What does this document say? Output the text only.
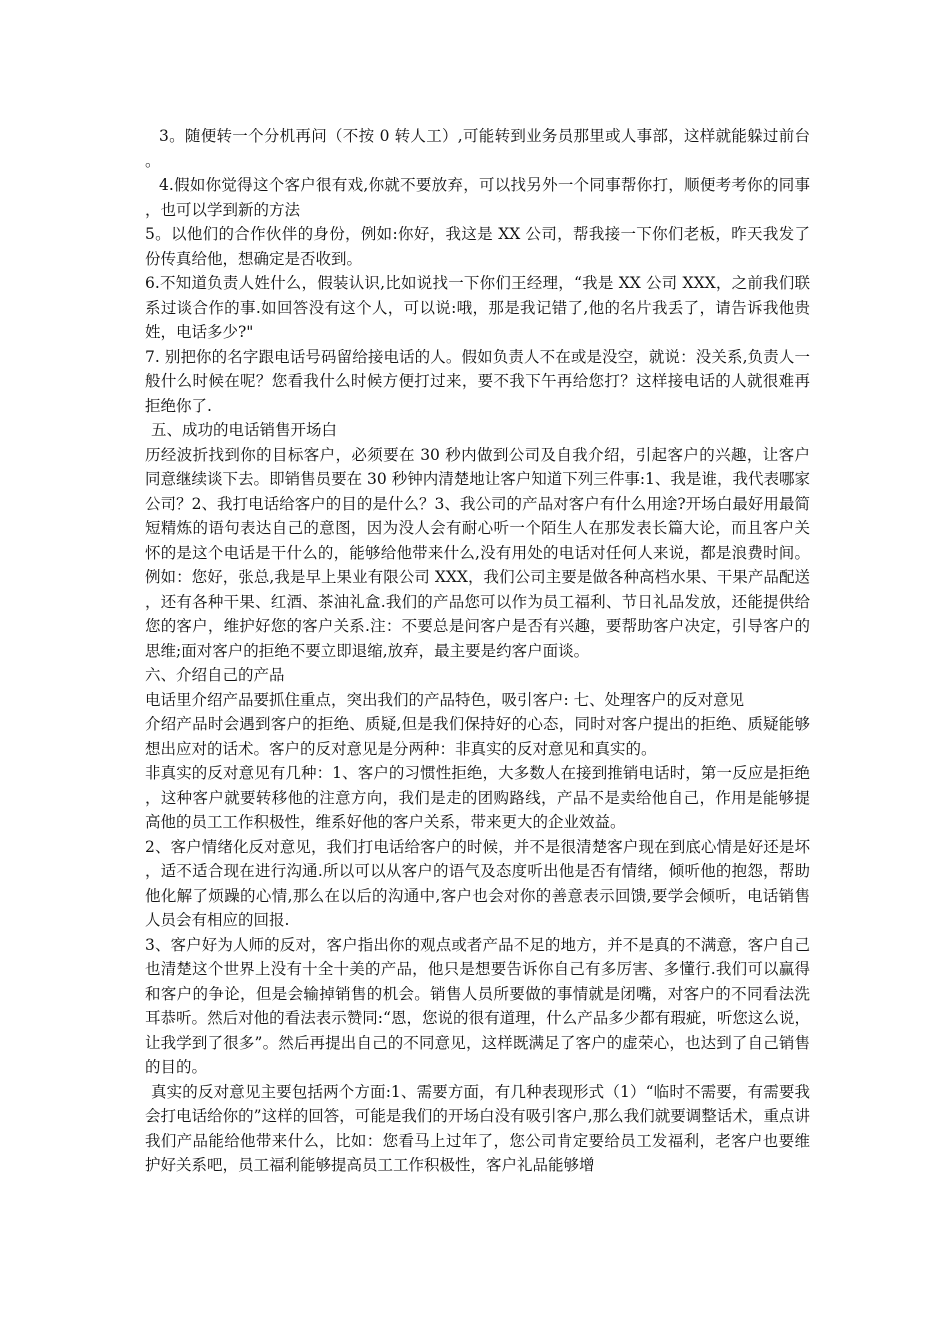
3。随便转一个分机再问（不按 0 转人工）,可能转到业务员那里或人事部，这样就能躲过前台。

4.假如你觉得这个客户很有戏,你就不要放弃，可以找另外一个同事帮你打，顺便考考你的同事，也可以学到新的方法

5。以他们的合作伙伴的身份，例如:你好，我这是 XX 公司，帮我接一下你们老板，昨天我发了份传真给他，想确定是否收到。

6.不知道负责人姓什么，假装认识,比如说找一下你们王经理，“我是 XX 公司 XXX，之前我们联系过谈合作的事.如回答没有这个人，可以说:哦，那是我记错了,他的名片我丢了，请告诉我他贵姓，电话多少?"

7. 别把你的名字跟电话号码留给接电话的人。假如负责人不在或是没空，就说：没关系,负责人一般什么时候在呢？您看我什么时候方便打过来，要不我下午再给您打？这样接电话的人就很难再拒绝你了.

五、成功的电话销售开场白

历经波折找到你的目标客户，必须要在 30 秒内做到公司及自我介绍，引起客户的兴趣，让客户同意继续谈下去。即销售员要在 30 秒钟内清楚地让客户知道下列三件事:1、我是谁，我代表哪家公司？2、我打电话给客户的目的是什么？3、我公司的产品对客户有什么用途?开场白最好用最简短精炼的语句表达自己的意图，因为没人会有耐心听一个陌生人在那发表长篇大论，而且客户关怀的是这个电话是干什么的，能够给他带来什么,没有用处的电话对任何人来说，都是浪费时间。例如：您好，张总,我是早上果业有限公司 XXX，我们公司主要是做各种高档水果、干果产品配送，还有各种干果、红酒、茶油礼盒.我们的产品您可以作为员工福利、节日礼品发放，还能提供给您的客户，维护好您的客户关系.注：不要总是问客户是否有兴趣，要帮助客户决定，引导客户的思维;面对客户的拒绝不要立即退缩,放弃，最主要是约客户面谈。

六、介绍自己的产品

电话里介绍产品要抓住重点，突出我们的产品特色，吸引客户: 七、处理客户的反对意见

介绍产品时会遇到客户的拒绝、质疑,但是我们保持好的心态，同时对客户提出的拒绝、质疑能够想出应对的话术。客户的反对意见是分两种：非真实的反对意见和真实的。

非真实的反对意见有几种：1、客户的习惯性拒绝，大多数人在接到推销电话时，第一反应是拒绝，这种客户就要转移他的注意方向，我们是走的团购路线，产品不是卖给他自己，作用是能够提高他的员工工作积极性，维系好他的客户关系，带来更大的企业效益。

2、客户情绪化反对意见，我们打电话给客户的时候，并不是很清楚客户现在到底心情是好还是坏，适不适合现在进行沟通.所以可以从客户的语气及态度听出他是否有情绪，倾听他的抱怨，帮助他化解了烦躁的心情,那么在以后的沟通中,客户也会对你的善意表示回馈,要学会倾听，电话销售人员会有相应的回报.

3、客户好为人师的反对，客户指出你的观点或者产品不足的地方，并不是真的不满意，客户自己也清楚这个世界上没有十全十美的产品，他只是想要告诉你自己有多厉害、多懂行.我们可以赢得和客户的争论，但是会输掉销售的机会。销售人员所要做的事情就是闭嘴，对客户的不同看法洗耳恭听。然后对他的看法表示赞同:“恩，您说的很有道理，什么产品多少都有瑕疵，听您这么说，让我学到了很多”。然后再提出自己的不同意见，这样既满足了客户的虚荣心，也达到了自己销售的目的。

真实的反对意见主要包括两个方面:1、需要方面，有几种表现形式（1）“临时不需要，有需要我会打电话给你的”这样的回答，可能是我们的开场白没有吸引客户,那么我们就要调整话术，重点讲我们产品能给他带来什么，比如：您看马上过年了，您公司肯定要给员工发福利，老客户也要维护好关系吧，员工福利能够提高员工工作积极性，客户礼品能够增
